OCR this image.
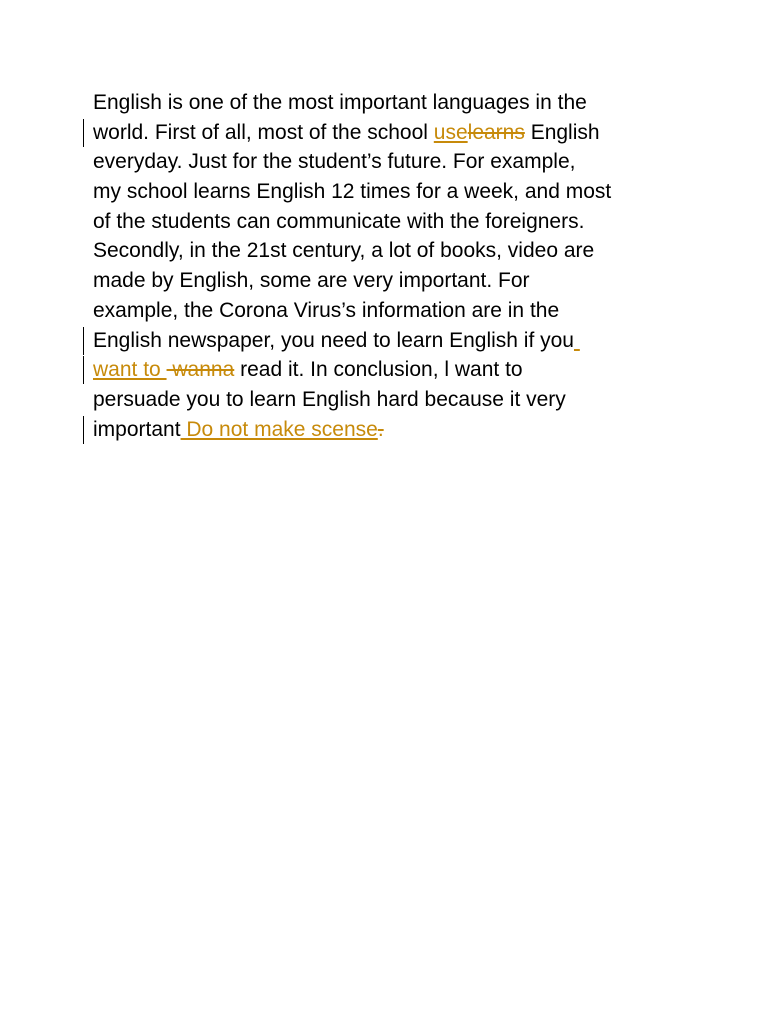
English is one of the most important languages in the
world. First of all, most of the school uselearns English
everyday. Just for the student’s future. For example,
my school learns English 12 times for a week, and most
of the students can communicate with the foreigners.
Secondly, in the 21st century, a lot of books, video are
made by English, some are very important. For
example, the Corona Virus’s information are in the
English newspaper, you need to learn English if you
want to  wanna read it. In conclusion, l want to
persuade you to learn English hard because it very
important Do not make scense.
